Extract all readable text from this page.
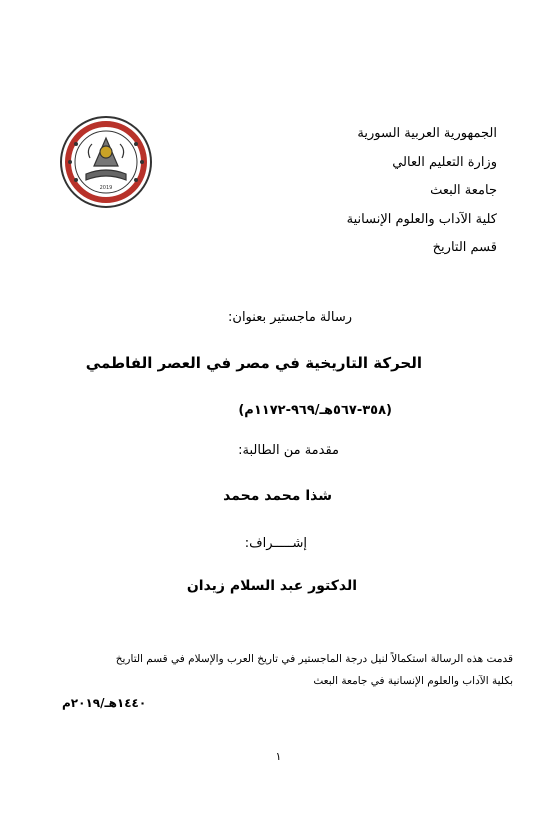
2019
الجمهورية العربية السورية
وزارة التعليم العالي
جامعة البعث
كلية الآداب والعلوم الإنسانية
قسم التاريخ
رسالة ماجستير بعنوان:
الحركة التاريخية في مصر في العصر الفاطمي
(٣٥٨-٥٦٧هـ/٩٦٩-١١٧٢م)
مقدمة من الطالبة:
شذا محمد محمد
إشـــــراف:
الدكتور عبد السلام زيدان
قدمت هذه الرسالة استكمالاً لنيل درجة الماجستير في تاريخ العرب والإسلام في قسم التاريخ
بكلية الآداب والعلوم الإنسانية في جامعة البعث
١٤٤٠هـ/٢٠١٩م
١
